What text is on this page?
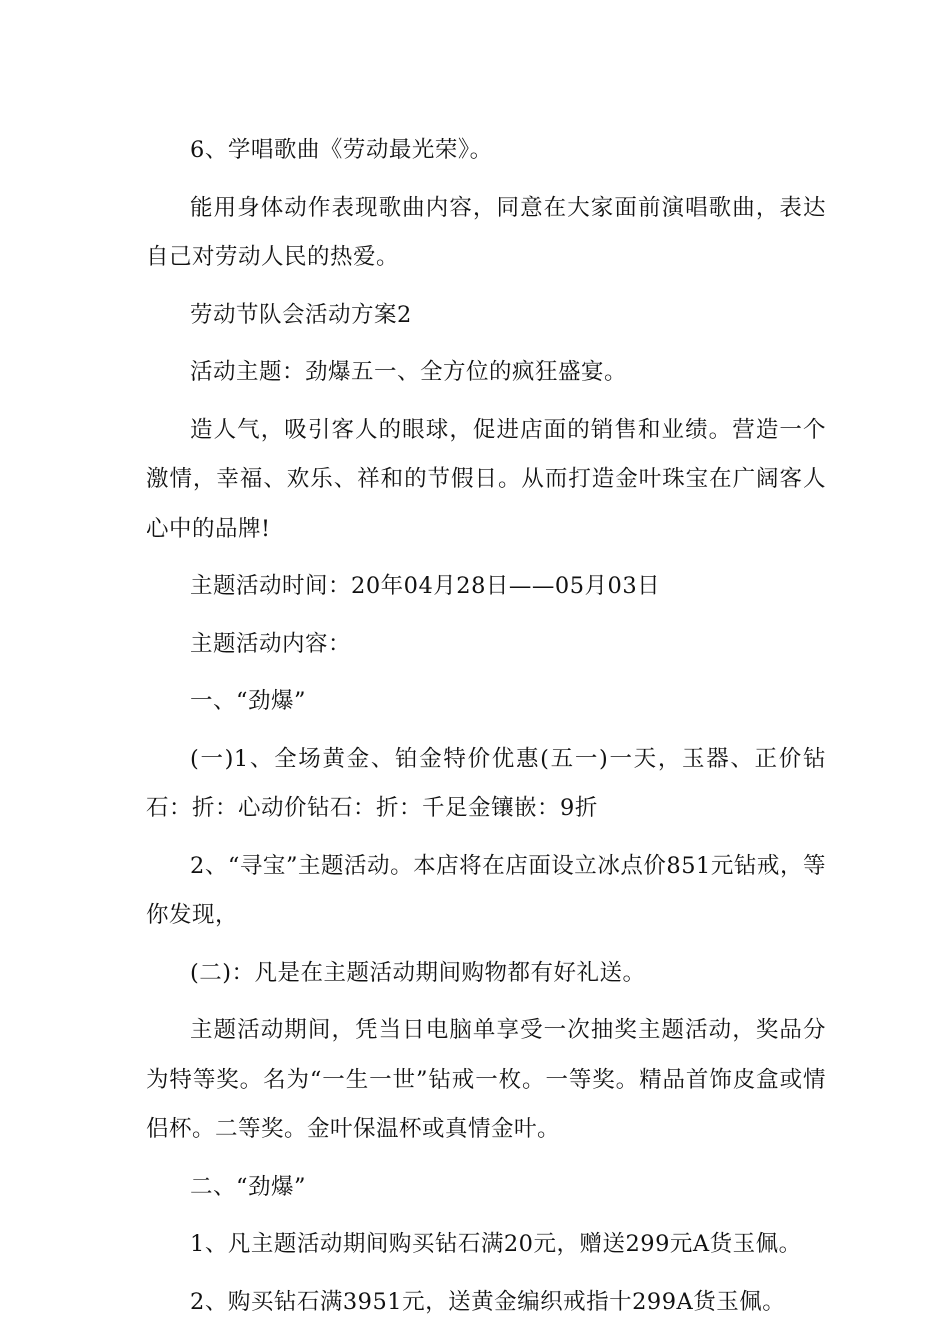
6、学唱歌曲《劳动最光荣》。

能用身体动作表现歌曲内容，同意在大家面前演唱歌曲，表达自己对劳动人民的热爱。

劳动节队会活动方案2

活动主题：劲爆五一、全方位的疯狂盛宴。

造人气，吸引客人的眼球，促进店面的销售和业绩。营造一个激情，幸福、欢乐、祥和的节假日。从而打造金叶珠宝在广阔客人心中的品牌!

主题活动时间：20年04月28日——05月03日

主题活动内容：

一、“劲爆”

(一)1、全场黄金、铂金特价优惠(五一)一天，玉器、正价钻石：折：心动价钻石：折：千足金镶嵌：9折

2、“寻宝”主题活动。本店将在店面设立冰点价851元钻戒，等你发现，

(二)：凡是在主题活动期间购物都有好礼送。

主题活动期间，凭当日电脑单享受一次抽奖主题活动，奖品分为特等奖。名为“一生一世”钻戒一枚。一等奖。精品首饰皮盒或情侣杯。二等奖。金叶保温杯或真情金叶。

二、“劲爆”

1、凡主题活动期间购买钻石满20元，赠送299元A货玉佩。

2、购买钻石满3951元，送黄金编织戒指十299A货玉佩。
